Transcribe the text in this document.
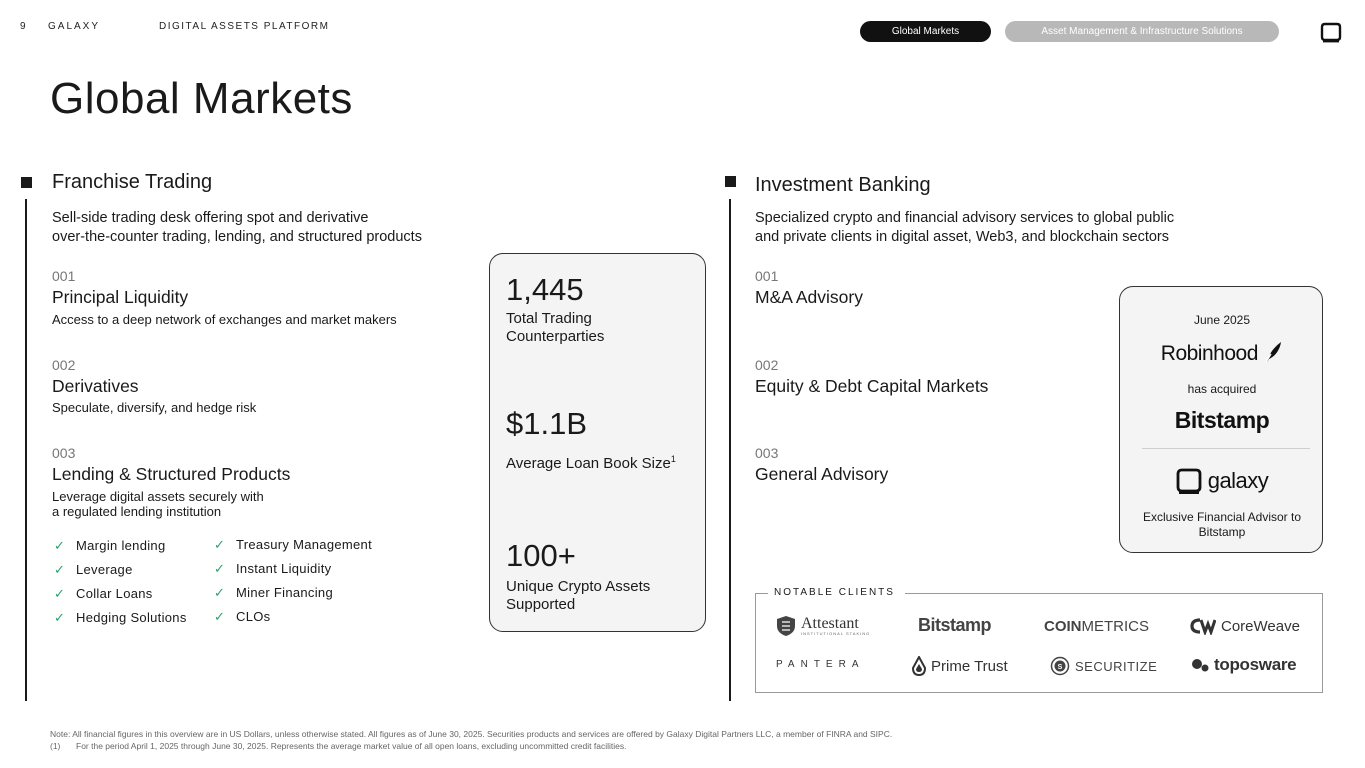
9 GALAXY	DIGITAL ASSETS PLATFORM	Global Markets	Asset Management & Infrastructure Solutions
Global Markets
Franchise Trading
Sell-side trading desk offering spot and derivative
over-the-counter trading, lending, and structured products
001
Principal Liquidity
Access to a deep network of exchanges and market makers
002
Derivatives
Speculate, diversify, and hedge risk
003
Lending & Structured Products
Leverage digital assets securely with
a regulated lending institution
✓ Margin lending
✓ Leverage
✓ Collar Loans
✓ Hedging Solutions
✓ Treasury Management
✓ Instant Liquidity
✓ Miner Financing
✓ CLOs
1,445
Total Trading
Counterparties
$1.1B
Average Loan Book Size$^1$
100+
Unique Crypto Assets
Supported
Investment Banking
Specialized crypto and financial advisory services to global public
and private clients in digital asset, Web3, and blockchain sectors
001
M&A Advisory
002
Equity & Debt Capital Markets
003
General Advisory
June 2025
Robinhood
has acquired
Bitstamp
galaxy
Exclusive Financial Advisor to
Bitstamp
NOTABLE CLIENTS
Attestant
INSTITUTIONAL STAKING	Bitstamp	COIN METRICS	CoreWeave
PANTERA	Prime Trust	S SECURITIZE	toposware
Note: All financial figures in this overview are in US Dollars, unless otherwise stated. All figures as of June 30, 2025. Securities products and services are offered by Galaxy Digital Partners LLC, a member of FINRA and SIPC.
(1) For the period April 1, 2025 through June 30, 2025. Represents the average market value of all open loans, excluding uncommitted credit facilities.
